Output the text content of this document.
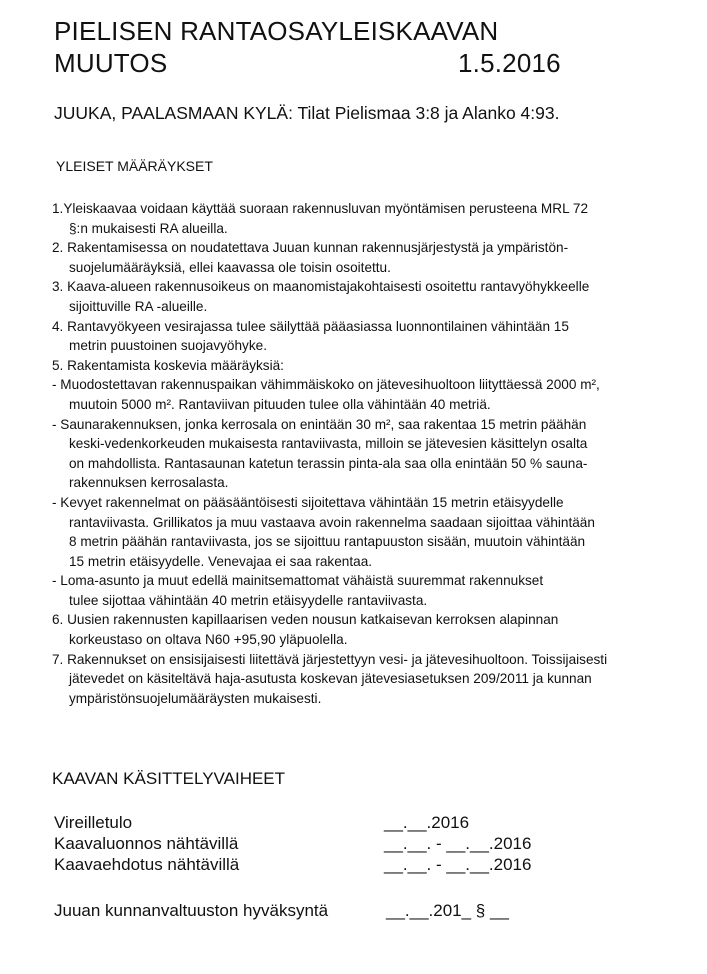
PIELISEN RANTAOSAYLEISKAAVAN
MUUTOS	1.5.2016
JUUKA, PAALASMAAN KYLÄ: Tilat Pielismaa 3:8 ja Alanko 4:93.
YLEISET MÄÄRÄYKSET
1.Yleiskaavaa voidaan käyttää suoraan rakennusluvan myöntämisen perusteena MRL 72
§:n mukaisesti RA alueilla.
2. Rakentamisessa on noudatettava Juuan kunnan rakennusjärjestystä ja ympäristön-
suojelumääräyksiä, ellei kaavassa ole toisin osoitettu.
3. Kaava-alueen rakennusoikeus on maanomistajakohtaisesti osoitettu rantavyöhykkeelle
sijoittuville RA -alueille.
4. Rantavyökyeen vesirajassa tulee säilyttää pääasiassa luonnontilainen vähintään 15
metrin puustoinen suojavyöhyke.
5. Rakentamista koskevia määräyksiä:
- Muodostettavan rakennuspaikan vähimmäiskoko on jätevesihuoltoon liityttäessä 2000 m²,
muutoin 5000 m². Rantaviivan pituuden tulee olla vähintään 40 metriä.
- Saunarakennuksen, jonka kerrosala on enintään 30 m², saa rakentaa 15 metrin päähän
keski-vedenkorkeuden mukaisesta rantaviivasta, milloin se jätevesien käsittelyn osalta
on mahdollista. Rantasaunan katetun terassin pinta-ala saa olla enintään 50 % sauna-
rakennuksen kerrosalasta.
- Kevyet rakennelmat on pääsääntöisesti sijoitettava vähintään 15 metrin etäisyydelle
rantaviivasta. Grillikatos ja muu vastaava avoin rakennelma saadaan sijoittaa vähintään
8 metrin päähän rantaviivasta, jos se sijoittuu rantapuuston sisään, muutoin vähintään
15 metrin etäisyydelle. Venevajaa ei saa rakentaa.
- Loma-asunto ja muut edellä mainitsemattomat vähäistä suuremmat rakennukset
tulee sijottaa vähintään 40 metrin etäisyydelle rantaviivasta.
6. Uusien rakennusten kapillaarisen veden nousun katkaisevan kerroksen alapinnan
korkeustaso on oltava N60 +95,90 yläpuolella.
7. Rakennukset on ensisijaisesti liitettävä järjestettyyn vesi- ja jätevesihuoltoon. Toissijaisesti
jätevedet on käsiteltävä haja-asutusta koskevan jätevesiasetuksen 209/2011 ja kunnan
ympäristönsuojelumääräysten mukaisesti.
KAAVAN KÄSITTELYVAIHEET
Vireilletulo	__.__.2016
Kaavaluonnos nähtävillä	__.__. - __.__.2016
Kaavaehdotus nähtävillä	__.__. - __.__.2016
Juuan kunnanvaltuuston hyväksyntä	__.__.201_ § __
